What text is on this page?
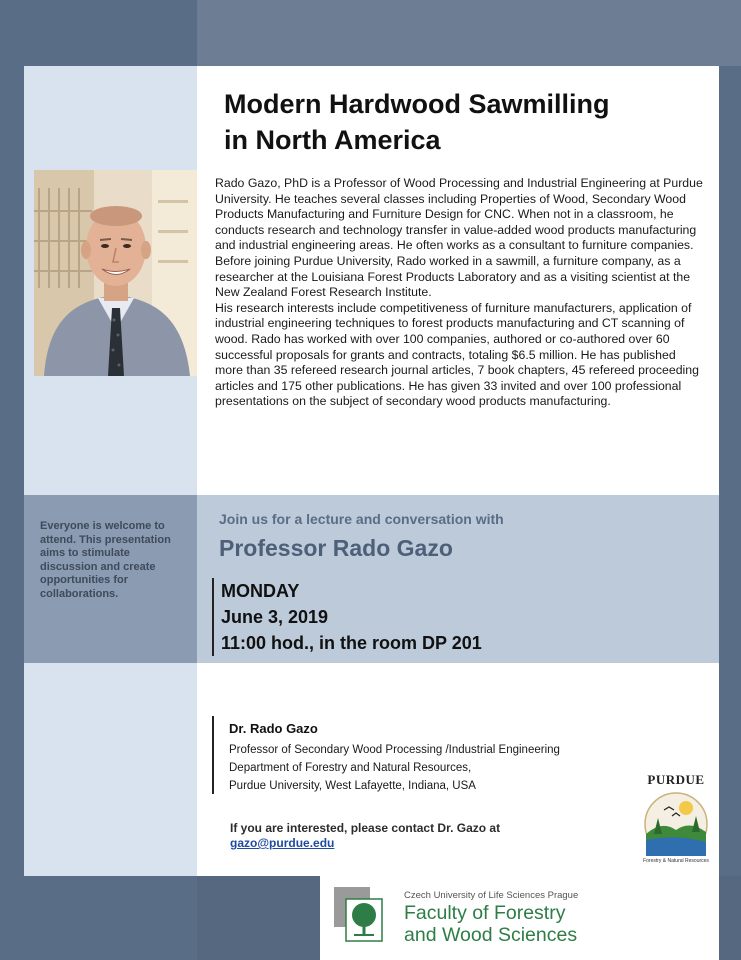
Modern Hardwood Sawmilling
in North America

Rado Gazo, PhD is a Professor of Wood Processing and Industrial Engineering at Purdue University. He teaches several classes including Properties of Wood, Secondary Wood Products Manufacturing and Furniture Design for CNC. When not in a classroom, he conducts research and technology transfer in value-added wood products manufacturing and industrial engineering areas. He often works as a consultant to furniture companies.

Before joining Purdue University, Rado worked in a sawmill, a furniture company, as a researcher at the Louisiana Forest Products Laboratory and as a visiting scientist at the New Zealand Forest Research Institute.

His research interests include competitiveness of furniture manufacturers, application of industrial engineering techniques to forest products manufacturing and CT scanning of wood. Rado has worked with over 100 companies, authored or co-authored over 60 successful proposals for grants and contracts, totaling $6.5 million. He has published more than 35 refereed research journal articles, 7 book chapters, 45 refereed proceeding articles and 175 other publications. He has given 33 invited and over 100 professional presentations on the subject of secondary wood products manufacturing.

Everyone is welcome to attend. This presentation aims to stimulate discussion and create opportunities for collaborations.
Join us for a lecture and conversation with
Professor Rado Gazo
MONDAY
June 3, 2019
11:00 hod., in the room DP 201
Dr. Rado Gazo
Professor of Secondary Wood Processing /Industrial Engineering
Department of Forestry and Natural Resources,
Purdue University, West Lafayette, Indiana, USA
If you are interested, please contact Dr. Gazo at
gazo@purdue.edu
PURDUE
Forestry & Natural Resources
Czech University of Life Sciences Prague
Faculty of Forestry
and Wood Sciences
